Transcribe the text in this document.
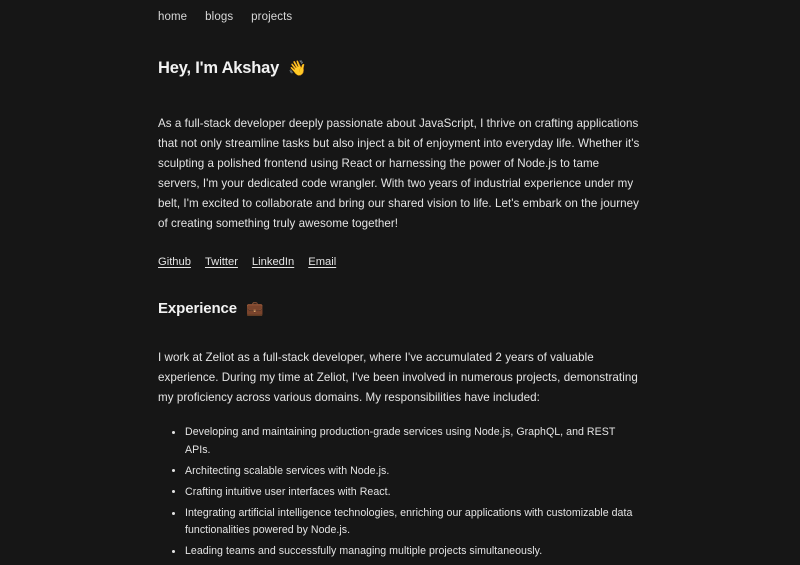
home blogs projects
Hey, I'm Akshay 👋

As a full-stack developer deeply passionate about JavaScript, I thrive on crafting applications that not only streamline tasks but also inject a bit of enjoyment into everyday life. Whether it's sculpting a polished frontend using React or harnessing the power of Node.js to tame servers, I'm your dedicated code wrangler. With two years of industrial experience under my belt, I'm excited to collaborate and bring our shared vision to life. Let's embark on the journey of creating something truly awesome together!

Github Twitter LinkedIn Email
Experience 💼

I work at Zeliot as a full-stack developer, where I've accumulated 2 years of valuable experience. During my time at Zeliot, I've been involved in numerous projects, demonstrating my proficiency across various domains. My responsibilities have included:

Developing and maintaining production-grade services using Node.js, GraphQL, and REST APIs.
Architecting scalable services with Node.js.
Crafting intuitive user interfaces with React.
Integrating artificial intelligence technologies, enriching our applications with customizable data functionalities powered by Node.js.
Leading teams and successfully managing multiple projects simultaneously.
